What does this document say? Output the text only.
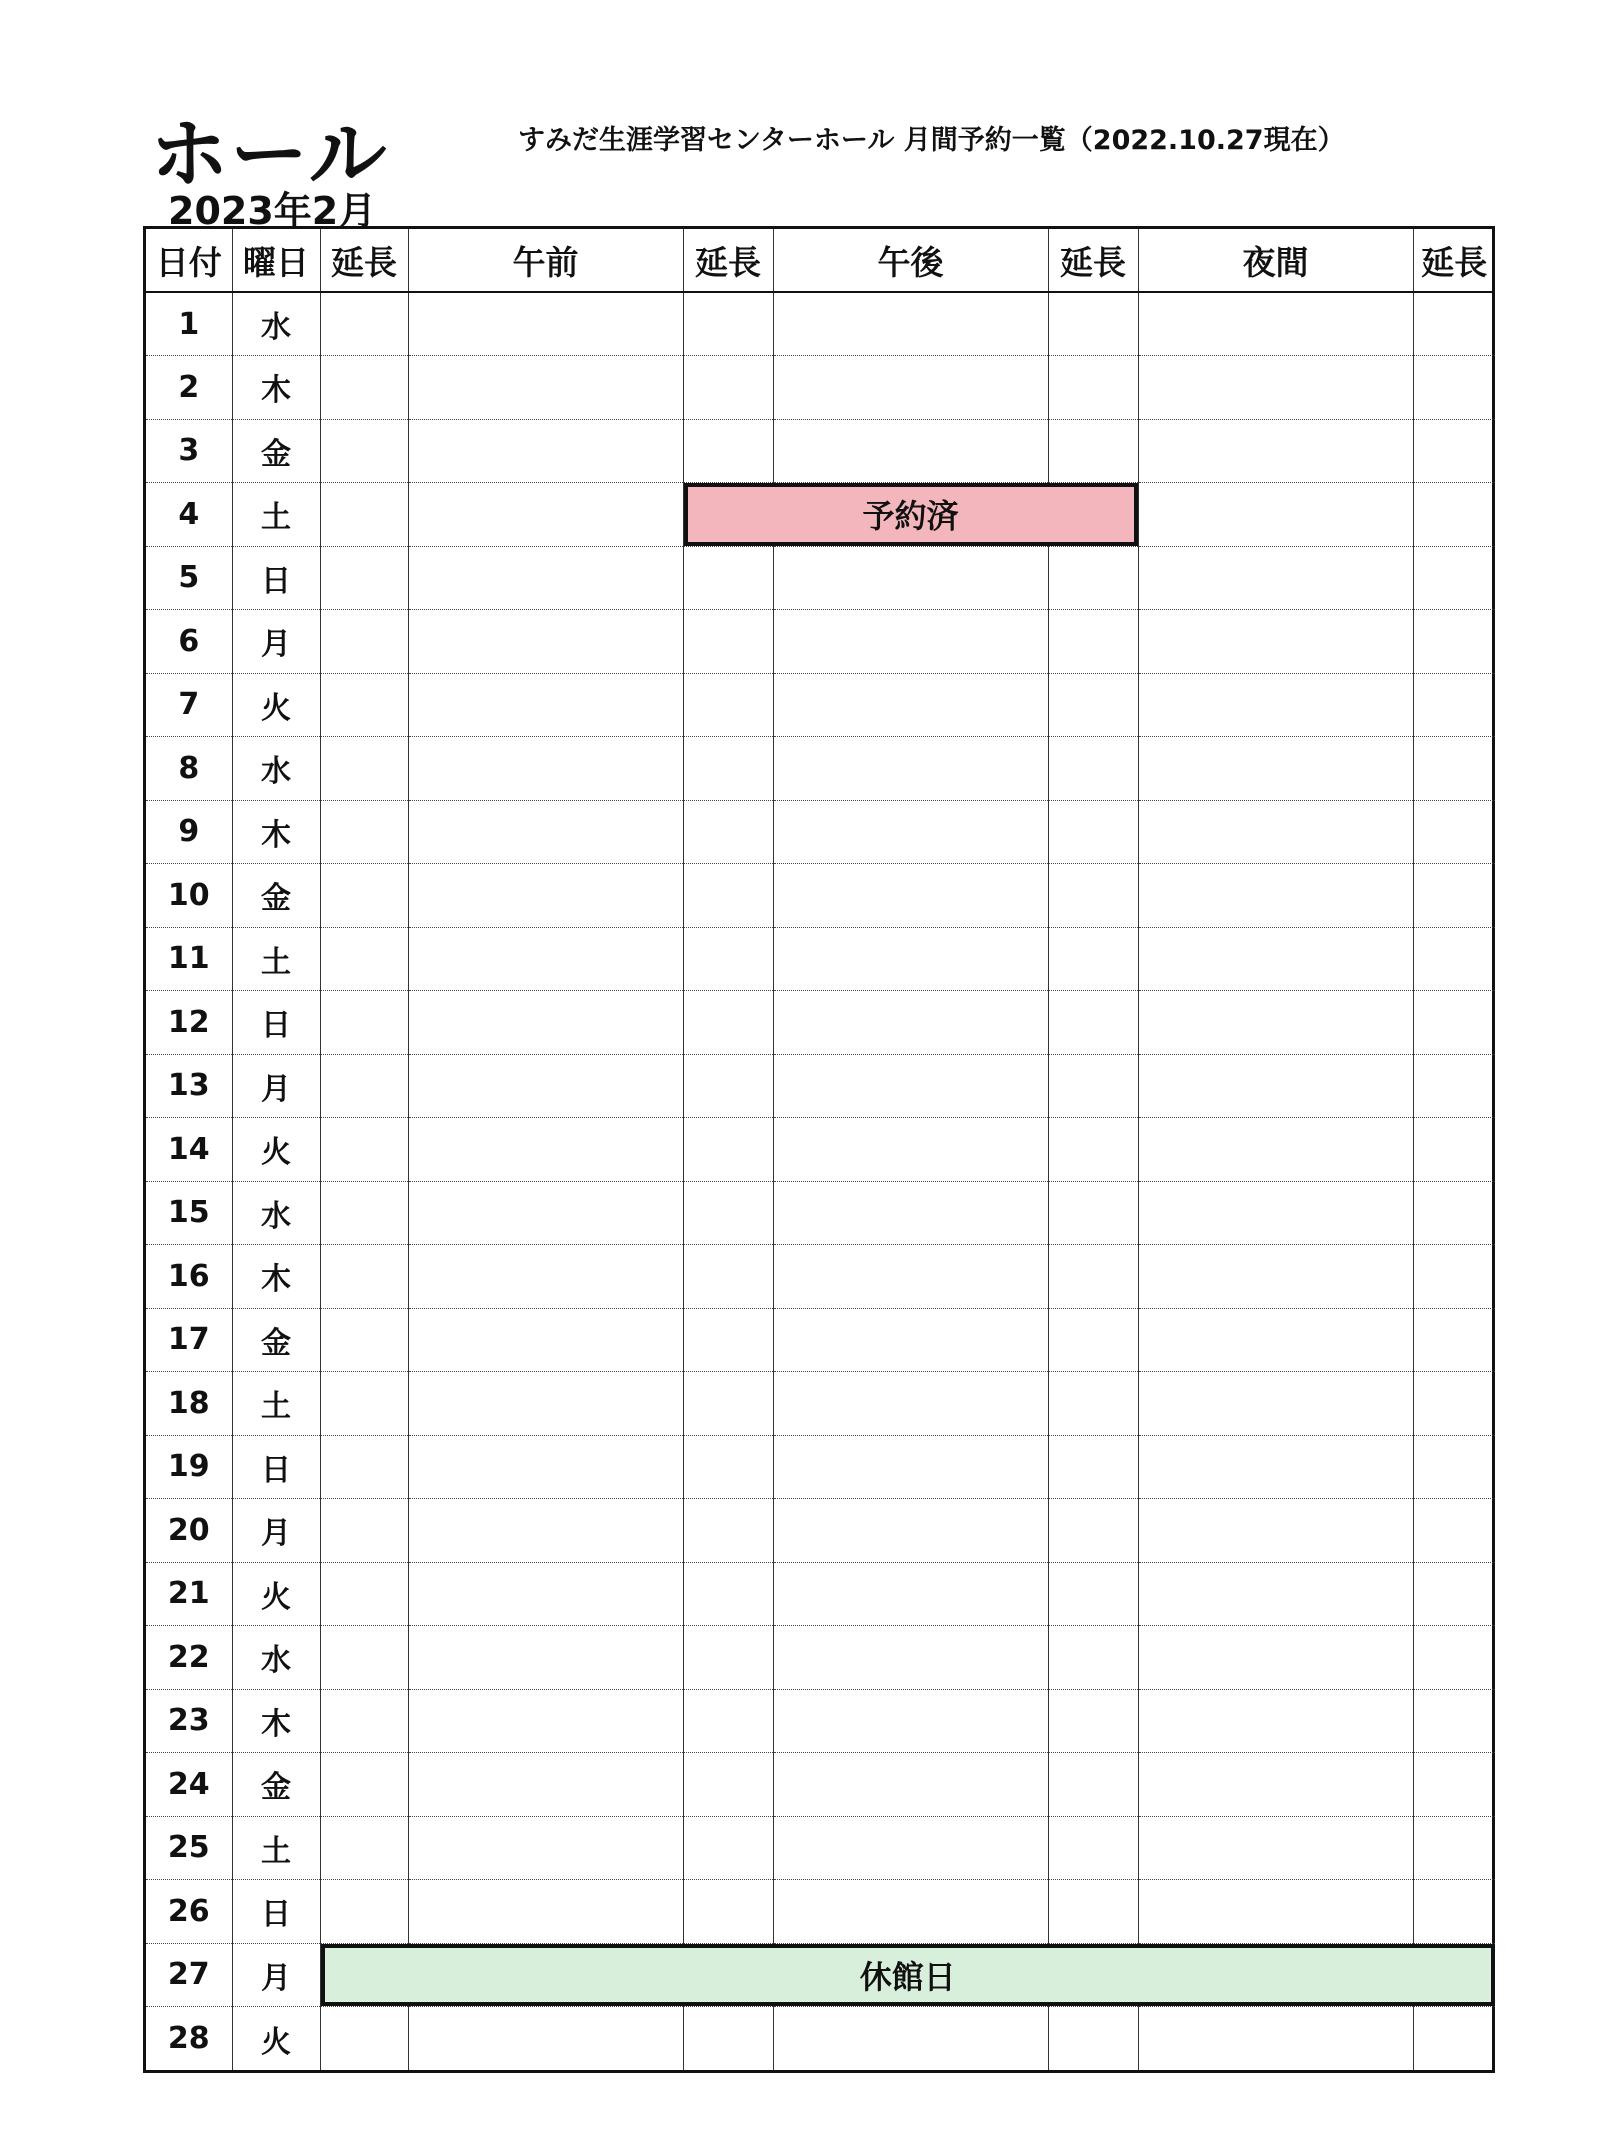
ホール
2023年2月
すみだ生涯学習センターホール 月間予約一覧（2022.10.27現在）
日付	曜日	延長	午前	延長	午後	延長	夜間	延長
1	水							
2	木							
3	金							
4	土			予約済				

5	日							
6	月							
7	火							
8	水							
9	木							
10	金							
11	土							
12	日							
13	月							
14	火							
15	水							
16	木							
17	金							
18	土							
19	日							
20	月							
21	火							
22	水							
23	木							
24	金							
25	土							
26	日							
27	月	休館日						

28	火							
